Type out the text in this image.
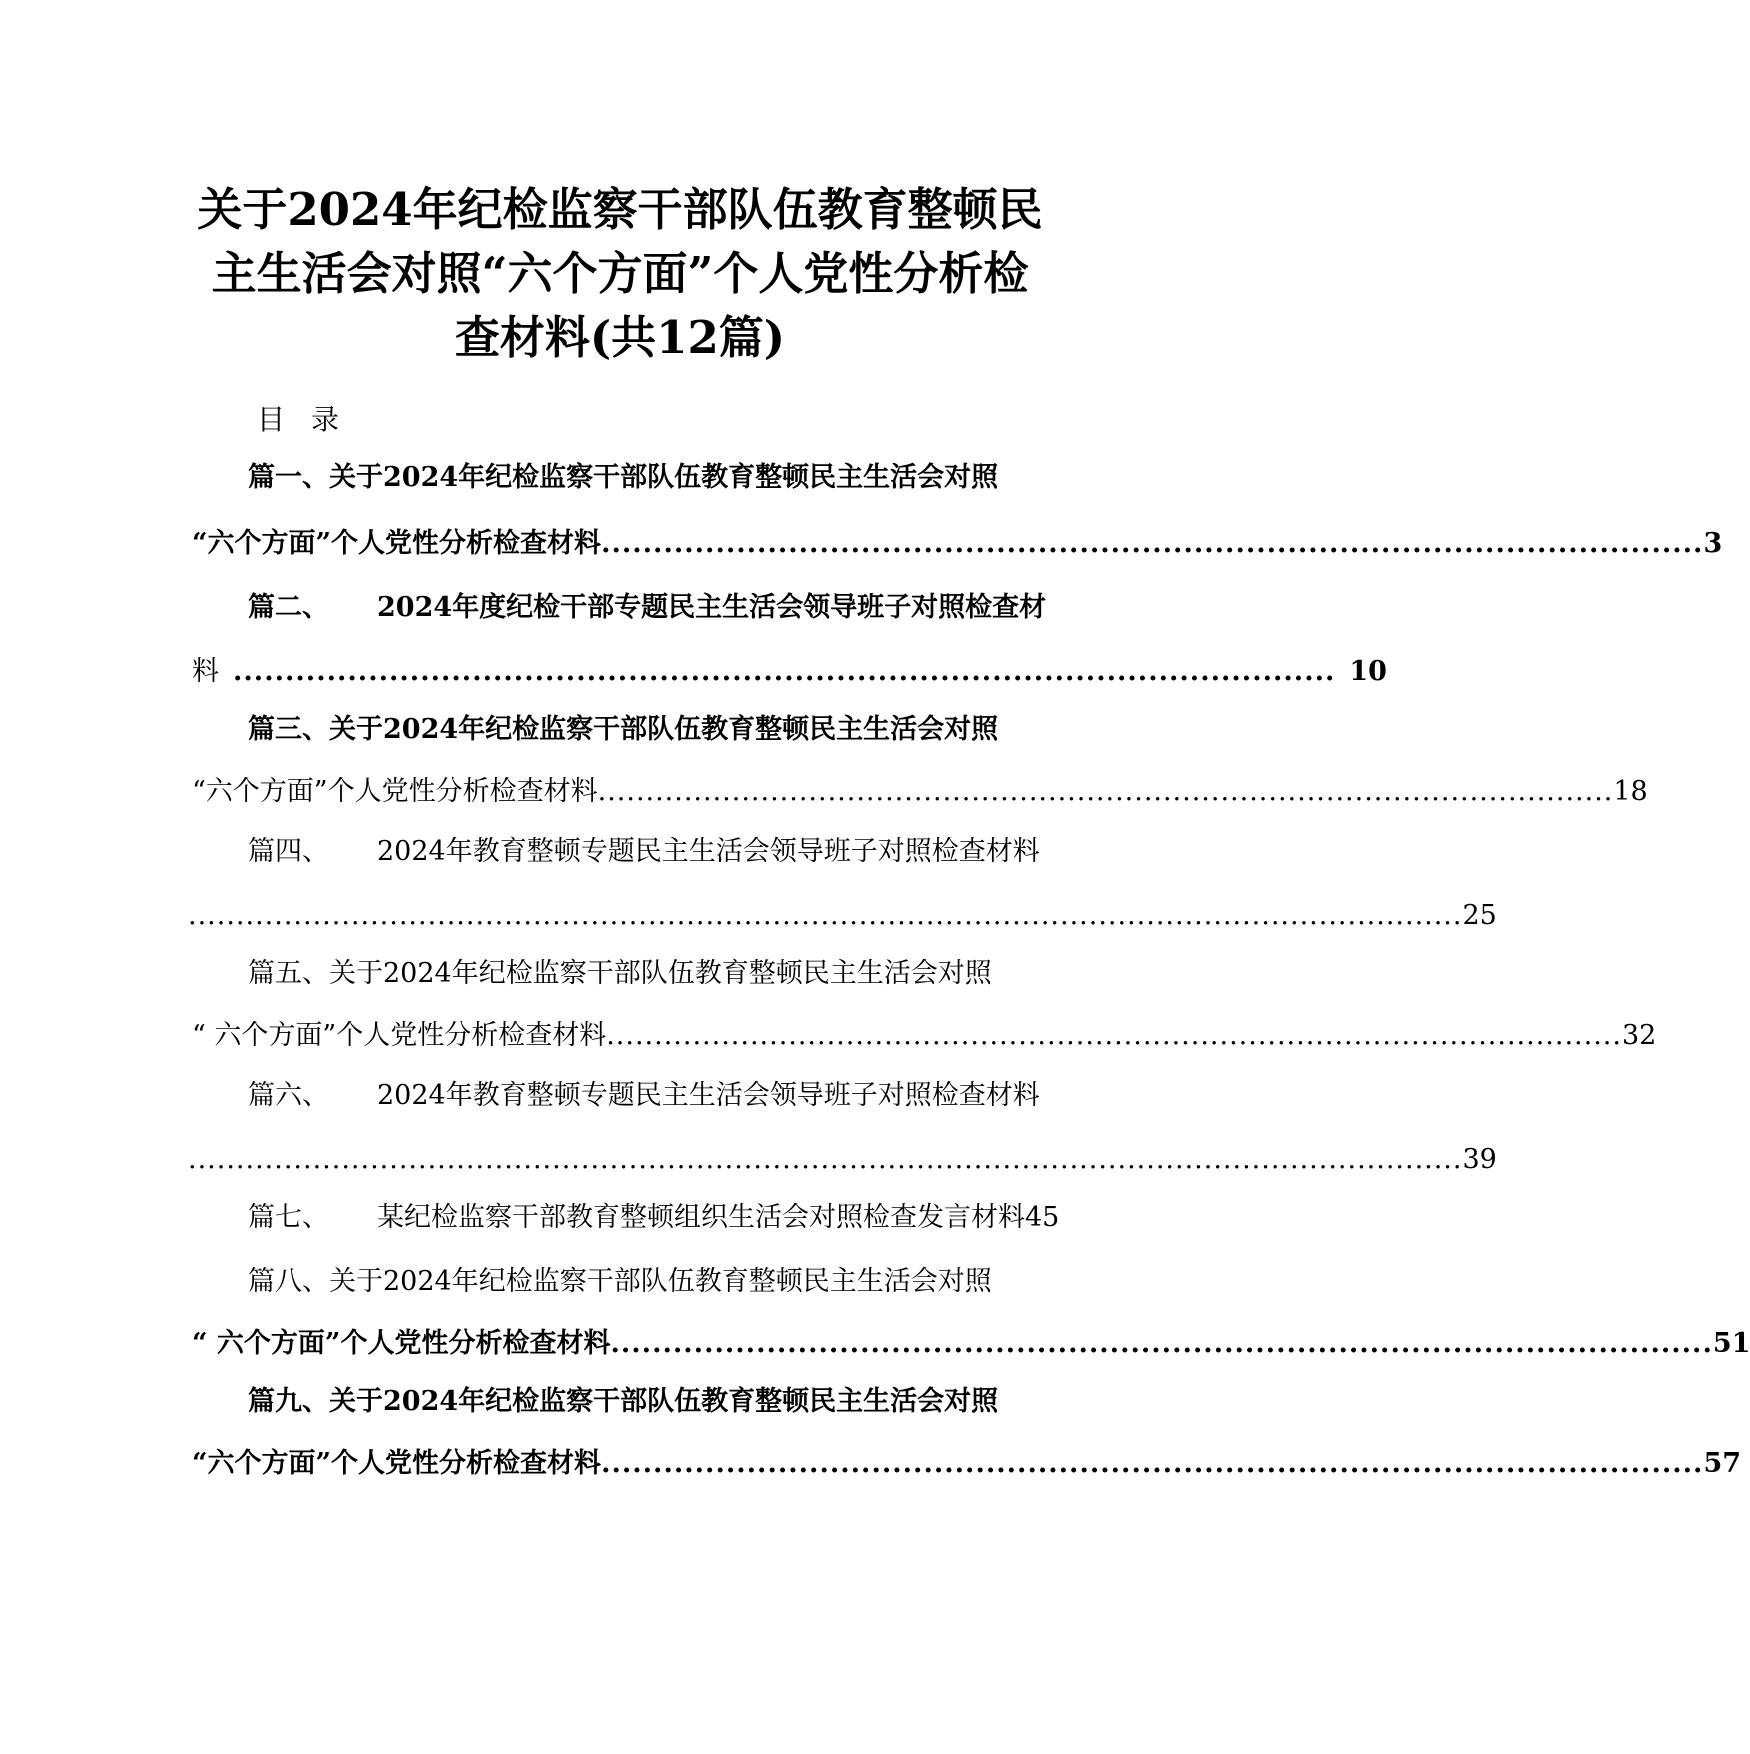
关于2024年纪检监察干部队伍教育整顿民
主生活会对照“六个方面”个人党性分析检
查材料(共12篇)
目录
篇一、关于2024年纪检监察干部队伍教育整顿民主生活会对照
“六个方面”个人党性分析检查材料 .......................................................................................................... 3
篇二、 2024年度纪检干部专题民主生活会领导班子对照检查材
料 .......................................................................................................... 10
篇三、关于2024年纪检监察干部队伍教育整顿民主生活会对照
“六个方面”个人党性分析检查材料 .......................................................................................................... 18
篇四、 2024年教育整顿专题民主生活会领导班子对照检查材料
..................................................................................................................................... 25
篇五、关于2024年纪检监察干部队伍教育整顿民主生活会对照
“ 六个方面”个人党性分析检查材料 .......................................................................................................... 32
篇六、 2024年教育整顿专题民主生活会领导班子对照检查材料
..................................................................................................................................... 39
篇七、 某纪检监察干部教育整顿组织生活会对照检查发言材料45
篇八、关于2024年纪检监察干部队伍教育整顿民主生活会对照
“ 六个方面”个人党性分析检查材料 .......................................................................................................... 51
篇九、关于2024年纪检监察干部队伍教育整顿民主生活会对照
“六个方面”个人党性分析检查材料 .......................................................................................................... 57
